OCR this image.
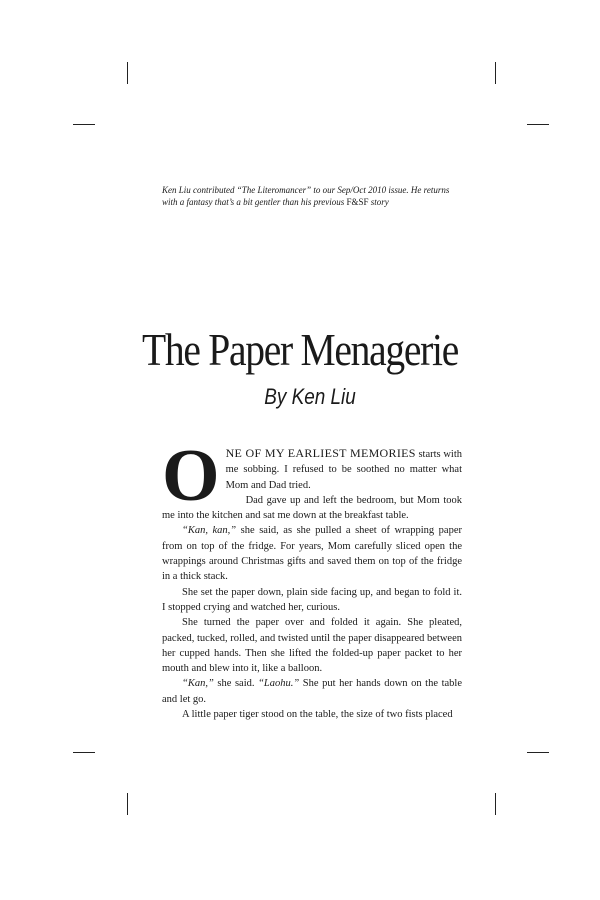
Ken Liu contributed “The Literomancer” to our Sep/Oct 2010 issue. He returns with a fantasy that’s a bit gentler than his previous F&SF story
The Paper Menagerie
By Ken Liu

ONE OF MY EARLIEST MEMORIES starts with me sobbing. I refused to be soothed no matter what Mom and Dad tried.

Dad gave up and left the bedroom, but Mom took me into the kitchen and sat me down at the breakfast table.

“Kan, kan,” she said, as she pulled a sheet of wrapping paper from on top of the fridge. For years, Mom carefully sliced open the wrappings around Christmas gifts and saved them on top of the fridge in a thick stack.

She set the paper down, plain side facing up, and began to fold it. I stopped crying and watched her, curious.

She turned the paper over and folded it again. She pleated, packed, tucked, rolled, and twisted until the paper disappeared between her cupped hands. Then she lifted the folded-up paper packet to her mouth and blew into it, like a balloon.

“Kan,” she said. “Laohu.” She put her hands down on the table and let go.

A little paper tiger stood on the table, the size of two fists placed
